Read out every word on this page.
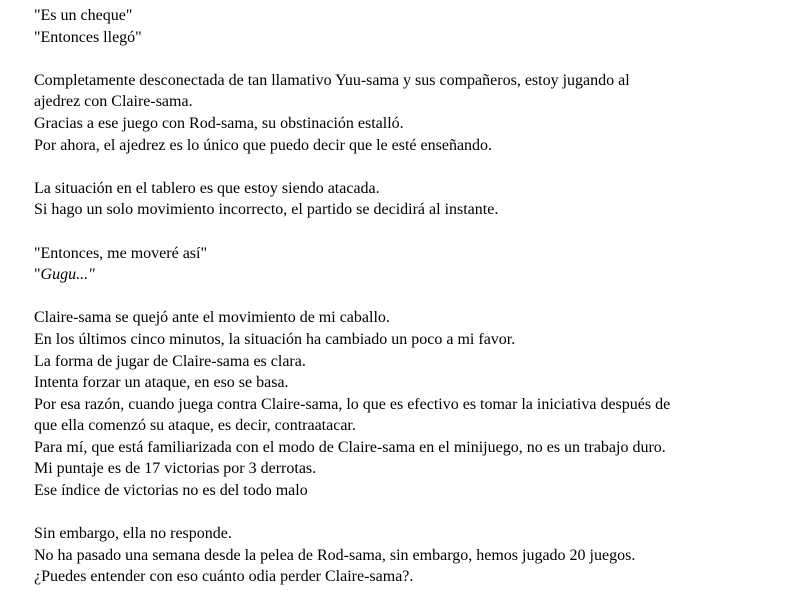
"Es un cheque"
"Entonces llegó"
Completamente desconectada de tan llamativo Yuu-sama y sus compañeros, estoy jugando al
ajedrez con Claire-sama.
Gracias a ese juego con Rod-sama, su obstinación estalló.
Por ahora, el ajedrez es lo único que puedo decir que le esté enseñando.
La situación en el tablero es que estoy siendo atacada.
Si hago un solo movimiento incorrecto, el partido se decidirá al instante.
"Entonces, me moveré así"
"Gugu..."
Claire-sama se quejó ante el movimiento de mi caballo.
En los últimos cinco minutos, la situación ha cambiado un poco a mi favor.
La forma de jugar de Claire-sama es clara.
Intenta forzar un ataque, en eso se basa.
Por esa razón, cuando juega contra Claire-sama, lo que es efectivo es tomar la iniciativa después de
que ella comenzó su ataque, es decir, contraatacar.
Para mí, que está familiarizada con el modo de Claire-sama en el minijuego, no es un trabajo duro.
Mi puntaje es de 17 victorias por 3 derrotas.
Ese índice de victorias no es del todo malo
Sin embargo, ella no responde.
No ha pasado una semana desde la pelea de Rod-sama, sin embargo, hemos jugado 20 juegos.
¿Puedes entender con eso cuánto odia perder Claire-sama?.
